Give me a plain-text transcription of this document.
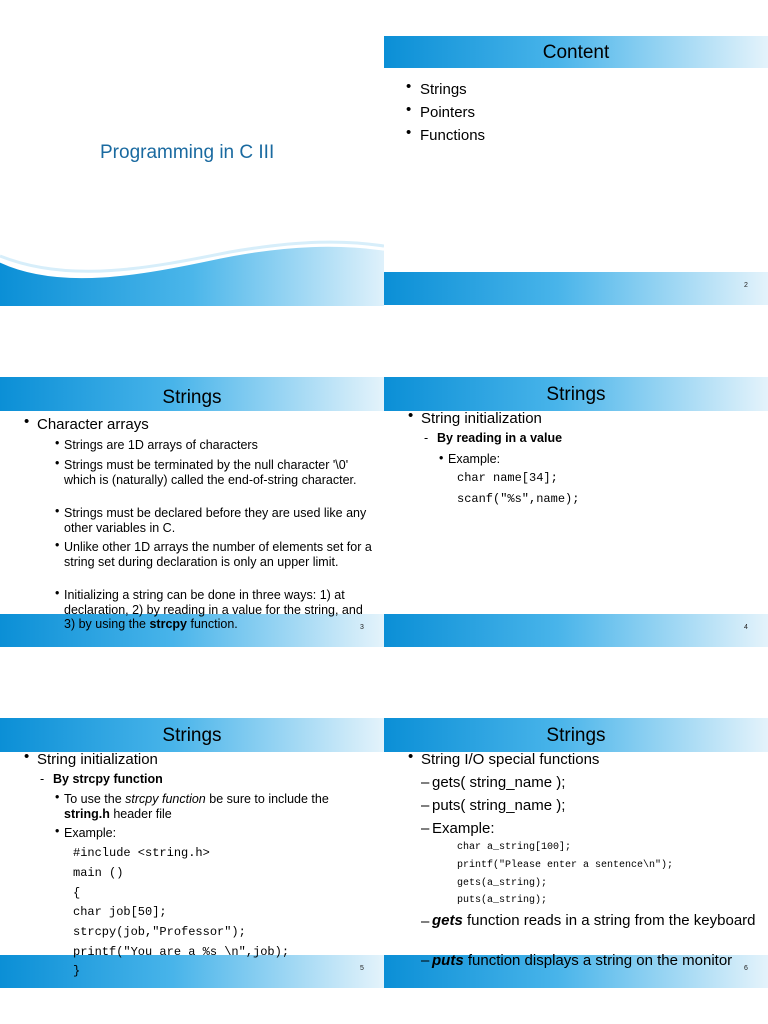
Programming in C III
Content
• Strings
• Pointers
• Functions
2
Strings
• Character arrays
• Strings are 1D arrays of characters
• Strings must be terminated by the null character '\0' which is (naturally) called the end-of-string character.
• Strings must be declared before they are used like any other variables in C.
• Unlike other 1D arrays the number of elements set for a string set during declaration is only an upper limit.
• Initializing a string can be done in three ways: 1) at declaration, 2) by reading in a value for the string, and 3) by using the strcpy function.	3
Strings
• String initialization
- By reading in a value
• Example:
char name[34];
scanf("%s",name);
4
Strings
• String initialization
- By strcpy function
• To use the strcpy function be sure to include the string.h header file
• Example:
#include <string.h>
main ()
{
char job[50];
strcpy(job,"Professor");
printf("You are a %s \n",job);
}	5
Strings
• String I/O special functions
– gets( string_name );
– puts( string_name );
– Example:
char a_string[100];
printf("Please enter a sentence\n");
gets(a_string);
puts(a_string);
– gets function reads in a string from the keyboard
– puts function displays a string on the monitor	6
